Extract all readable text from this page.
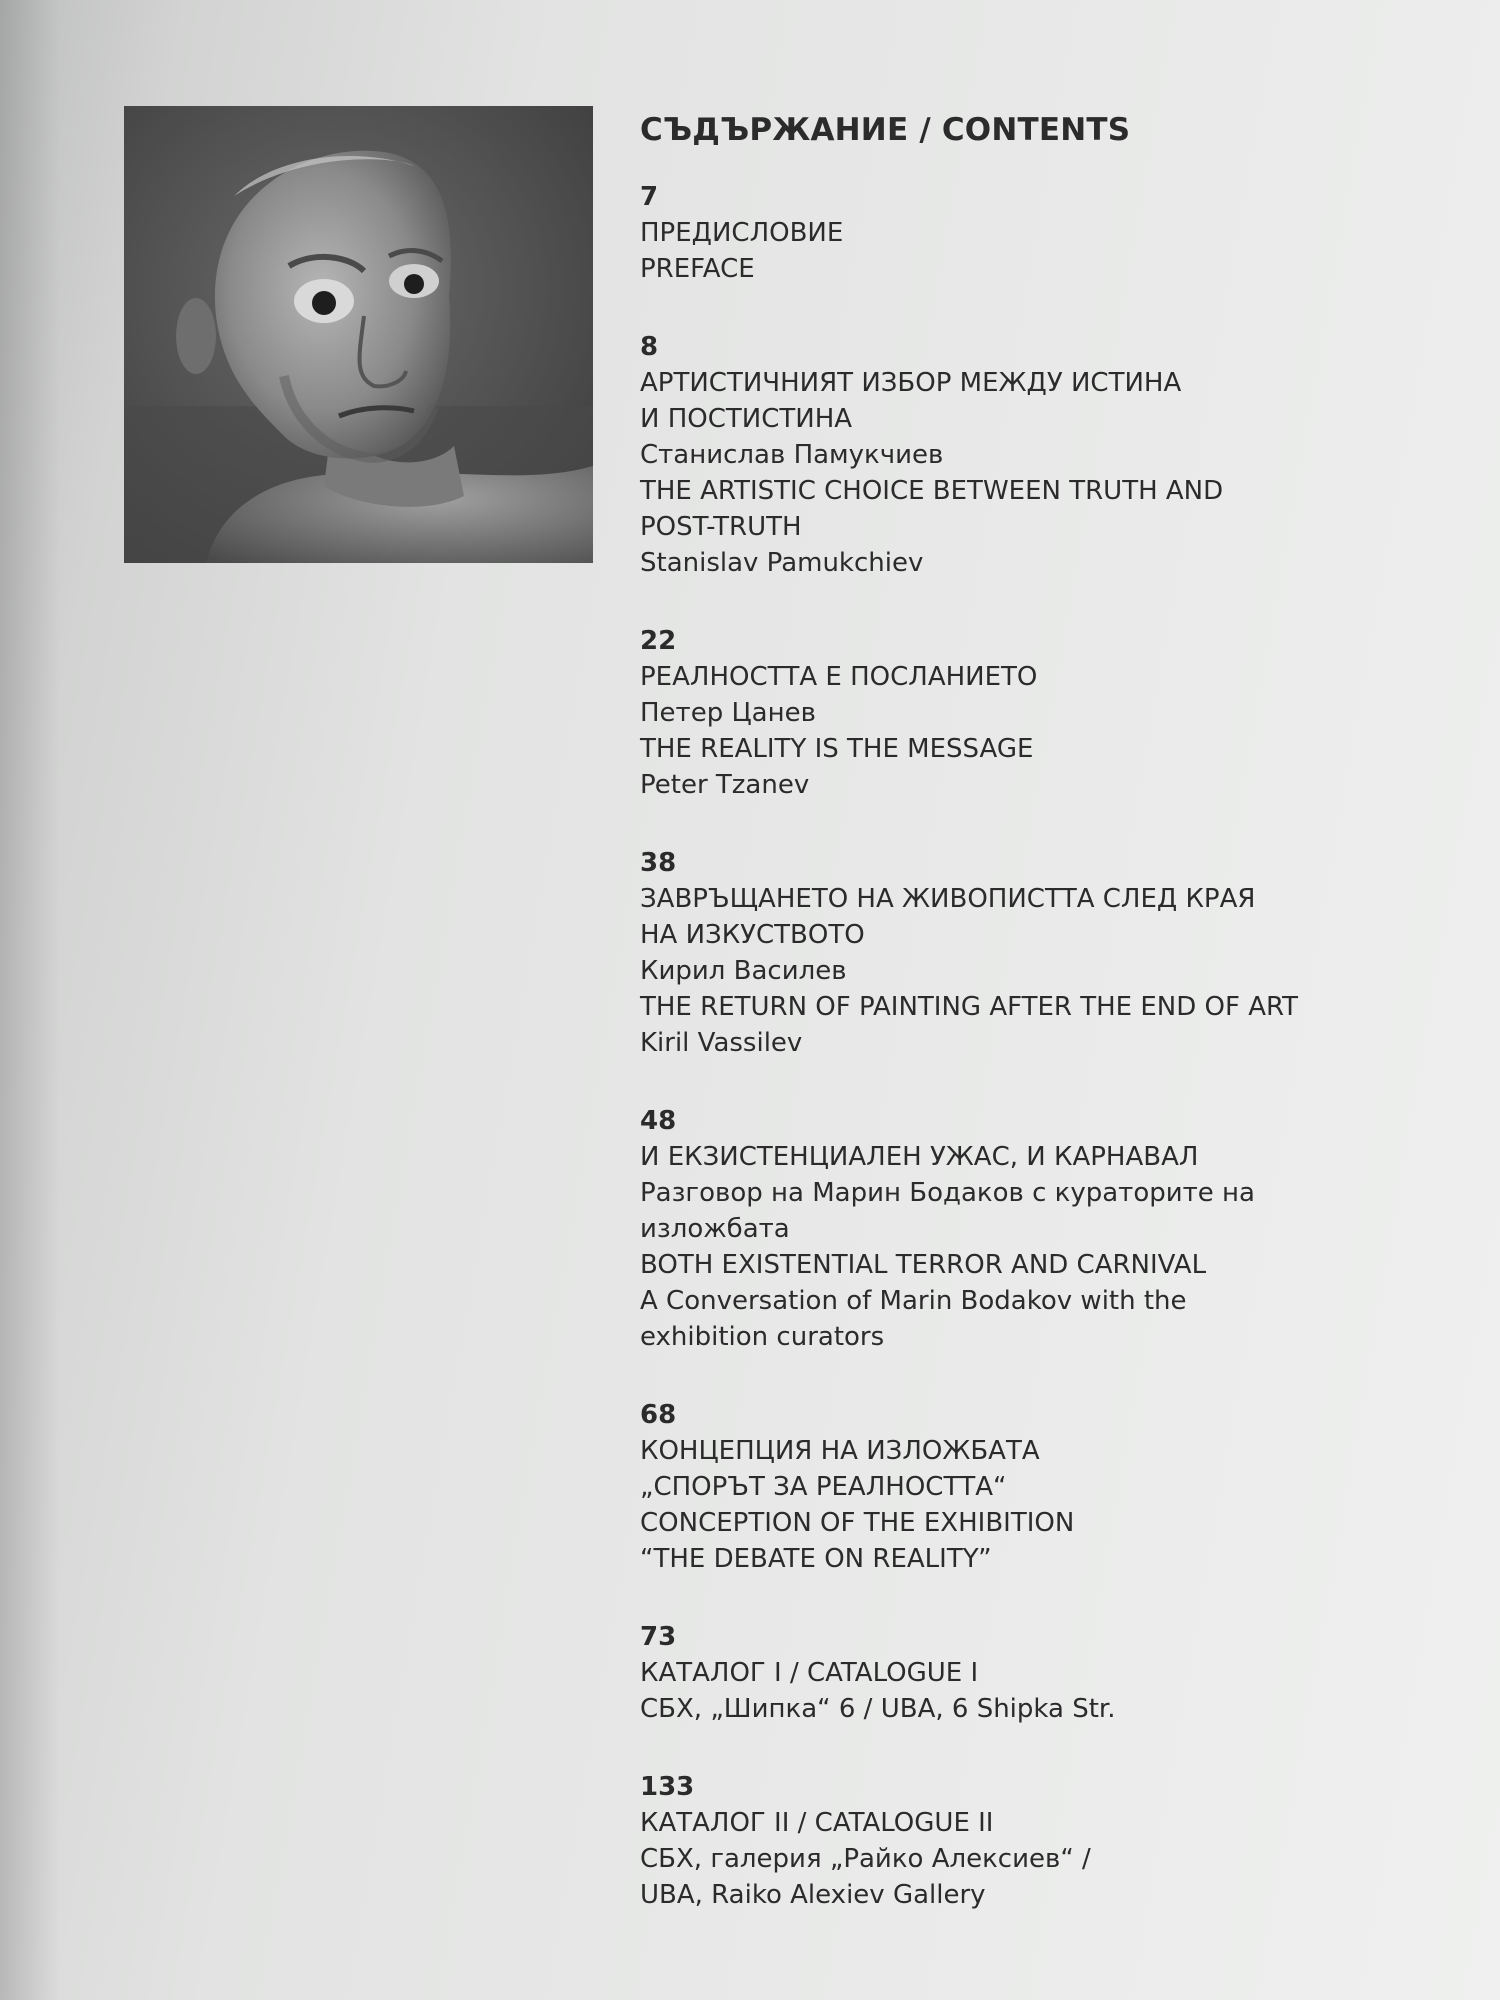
СЪДЪРЖАНИЕ / CONTENTS
7
ПРЕДИСЛОВИЕ
PREFACE
8
АРТИСТИЧНИЯТ ИЗБОР МЕЖДУ ИСТИНА
И ПОСТИСТИНА
Станислав Памукчиев
THE ARTISTIC CHOICE BETWEEN TRUTH AND
POST-TRUTH
Stanislav Pamukchiev
22
РЕАЛНОСТТА Е ПОСЛАНИЕТО
Петер Цанев
THE REALITY IS THE MESSAGE
Peter Tzanev
38
ЗАВРЪЩАНЕТО НА ЖИВОПИСТТА СЛЕД КРАЯ
НА ИЗКУСТВОТО
Кирил Василев
THE RETURN OF PAINTING AFTER THE END OF ART
Kiril Vassilev
48
И ЕКЗИСТЕНЦИАЛЕН УЖАС, И КАРНАВАЛ
Разговор на Марин Бодаков с кураторите на
изложбата
BOTH EXISTENTIAL TERROR AND CARNIVAL
A Conversation of Marin Bodakov with the
exhibition curators
68
КОНЦЕПЦИЯ НА ИЗЛОЖБАТА
„СПОРЪТ ЗА РЕАЛНОСТТА“
CONCEPTION OF THE EXHIBITION
“THE DEBATE ON REALITY”
73
КАТАЛОГ I / CATALOGUE I
СБХ, „Шипка“ 6 / UBA, 6 Shipka Str.
133
КАТАЛОГ II / CATALOGUE II
СБХ, галерия „Райко Алексиев“ /
UBA, Raiko Alexiev Gallery
